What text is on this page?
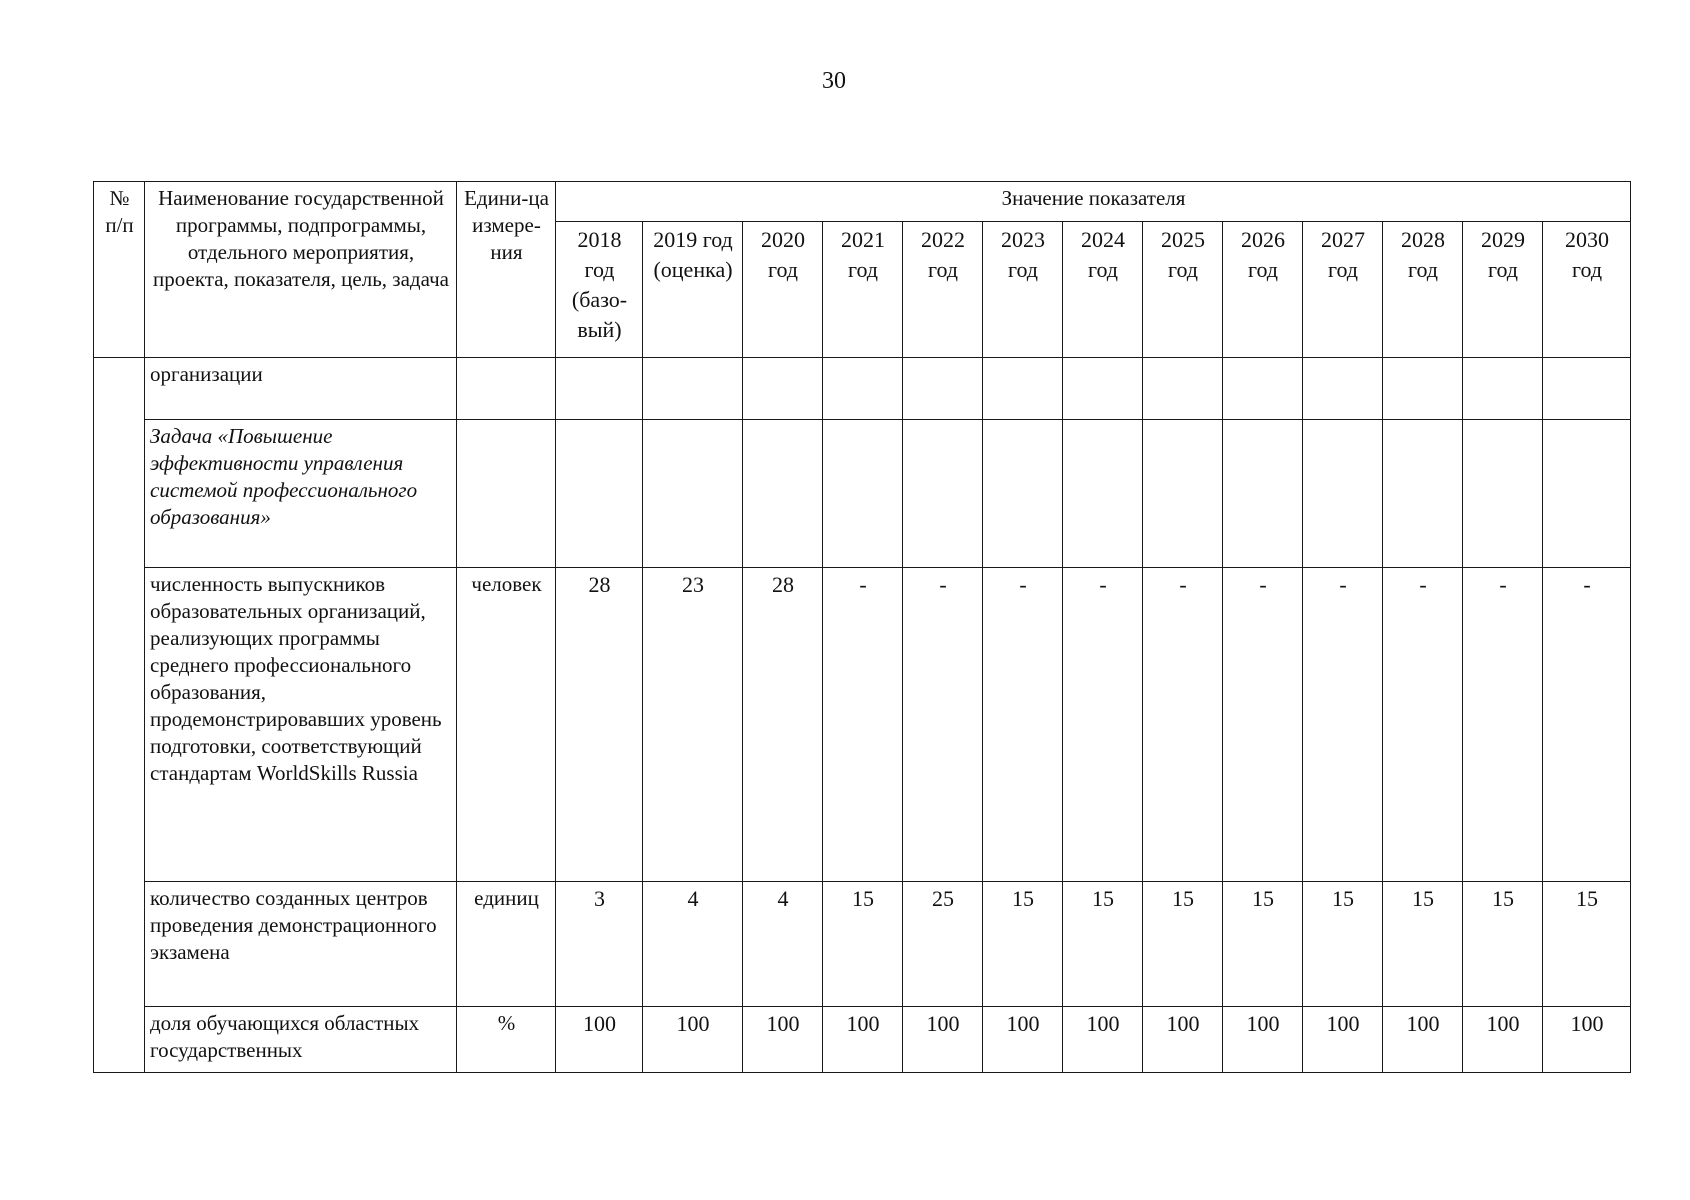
30
№ п/п	Наименование государственной программы, подпрограммы, отдельного мероприятия, проекта, показателя, цель, задача	Едини-ца измере-ния	Значение показателя												
			2018 год (базо-вый)	2019 год (оценка)	2020 год	2021 год	2022 год	2023 год	2024 год	2025 год	2026 год	2027 год	2028 год	2029 год	2030 год
	организации														
	Задача «Повышение эффективности управления системой профессионального образования»														
	численность выпускников образовательных организаций, реализующих программы среднего профессионального образования, продемонстрировавших уровень подготовки, соответствующий стандартам WorldSkills Russia	человек	28	23	28	-	-	-	-	-	-	-	-	-	-
	количество созданных центров проведения демонстрационного экзамена	единиц	3	4	4	15	25	15	15	15	15	15	15	15	15
	доля обучающихся областных государственных	%	100	100	100	100	100	100	100	100	100	100	100	100	100
